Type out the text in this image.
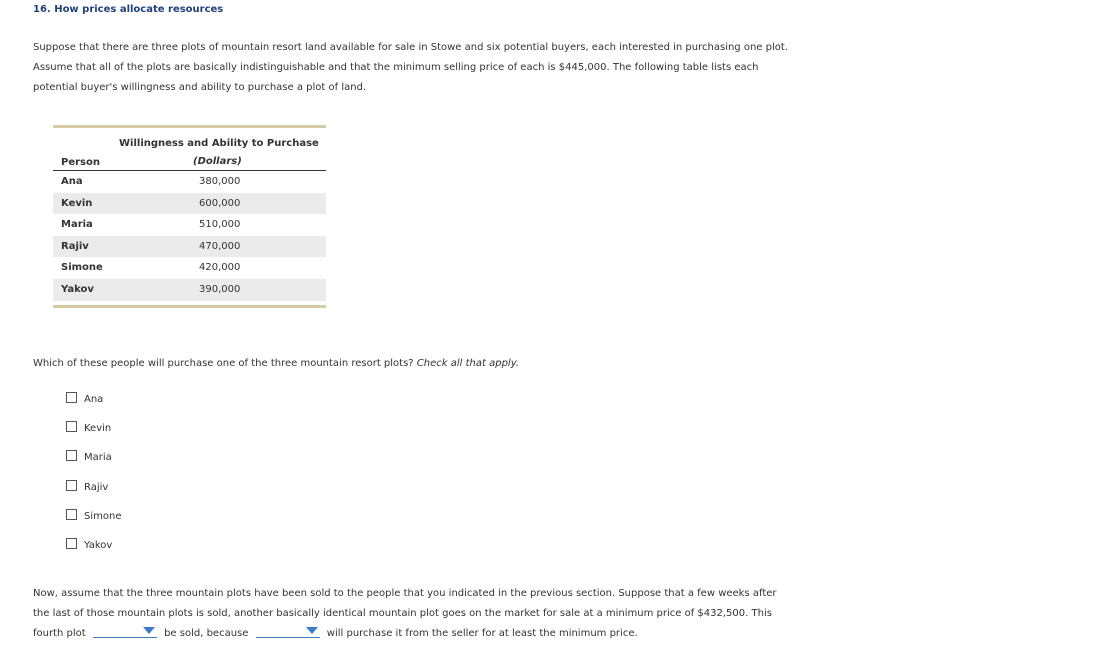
16. How prices allocate resources
Suppose that there are three plots of mountain resort land available for sale in Stowe and six potential buyers, each interested in purchasing one plot.
Assume that all of the plots are basically indistinguishable and that the minimum selling price of each is $445,000. The following table lists each
potential buyer's willingness and ability to purchase a plot of land.
Willingness and Ability to Purchase
Person	(Dollars)
Ana	380,000
Kevin	600,000
Maria	510,000
Rajiv	470,000
Simone	420,000
Yakov	390,000
Which of these people will purchase one of the three mountain resort plots? Check all that apply.
Ana
Kevin
Maria
Rajiv
Simone
Yakov
Now, assume that the three mountain plots have been sold to the people that you indicated in the previous section. Suppose that a few weeks after
the last of those mountain plots is sold, another basically identical mountain plot goes on the market for sale at a minimum price of $432,500. This
fourth plot	be sold, because	will purchase it from the seller for at least the minimum price.
